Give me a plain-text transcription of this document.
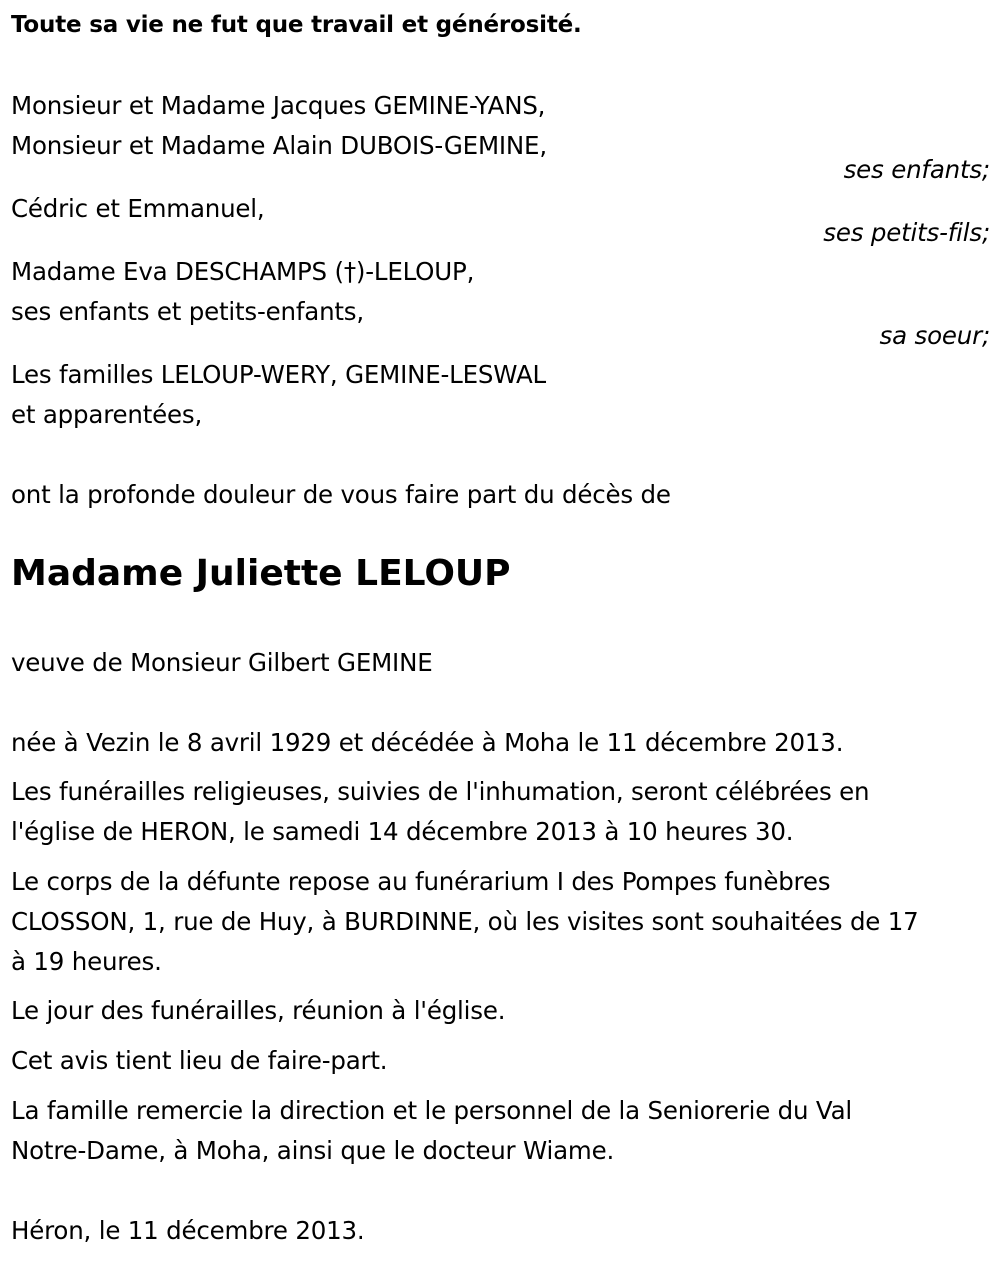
Toute sa vie ne fut que travail et générosité.
Monsieur et Madame Jacques GEMINE-YANS,
Monsieur et Madame Alain DUBOIS-GEMINE,
ses enfants;
Cédric et Emmanuel,
ses petits-fils;
Madame Eva DESCHAMPS (†)-LELOUP,
ses enfants et petits-enfants,
sa soeur;
Les familles LELOUP-WERY, GEMINE-LESWAL
et apparentées,
ont la profonde douleur de vous faire part du décès de
Madame Juliette LELOUP
veuve de Monsieur Gilbert GEMINE
née à Vezin le 8 avril 1929 et décédée à Moha le 11 décembre 2013.
Les funérailles religieuses, suivies de l'inhumation, seront célébrées en
l'église de HERON, le samedi 14 décembre 2013 à 10 heures 30.
Le corps de la défunte repose au funérarium I des Pompes funèbres
CLOSSON, 1, rue de Huy, à BURDINNE, où les visites sont souhaitées de 17
à 19 heures.
Le jour des funérailles, réunion à l'église.
Cet avis tient lieu de faire-part.
La famille remercie la direction et le personnel de la Seniorerie du Val
Notre-Dame, à Moha, ainsi que le docteur Wiame.
Héron, le 11 décembre 2013.
